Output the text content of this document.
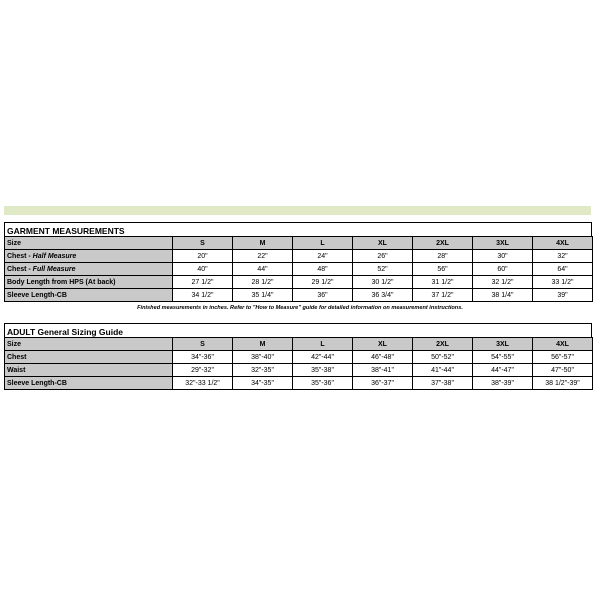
GARMENT MEASUREMENTS
Size	S	M	L	XL	2XL	3XL	4XL
Chest - Half Measure	20"	22"	24"	26"	28"	30"	32"
Chest - Full Measure	40"	44"	48"	52"	56"	60"	64"
Body Length from HPS (At back)	27 1/2"	28 1/2"	29 1/2"	30 1/2"	31 1/2"	32 1/2"	33 1/2"
Sleeve Length-CB	34 1/2"	35 1/4"	36"	36 3/4"	37 1/2"	38 1/4"	39"
Finished measurements in inches. Refer to "How to Measure" guide for detailed information on measurement instructions.
ADULT General Sizing Guide
Size	S	M	L	XL	2XL	3XL	4XL
Chest	34"-36"	38"-40"	42"-44"	46"-48"	50"-52"	54"-55"	56"-57"
Waist	29"-32"	32"-35"	35"-38"	38"-41"	41"-44"	44"-47"	47"-50"
Sleeve Length-CB	32"-33 1/2"	34"-35"	35"-36"	36"-37"	37"-38"	38"-39"	38 1/2"-39"
